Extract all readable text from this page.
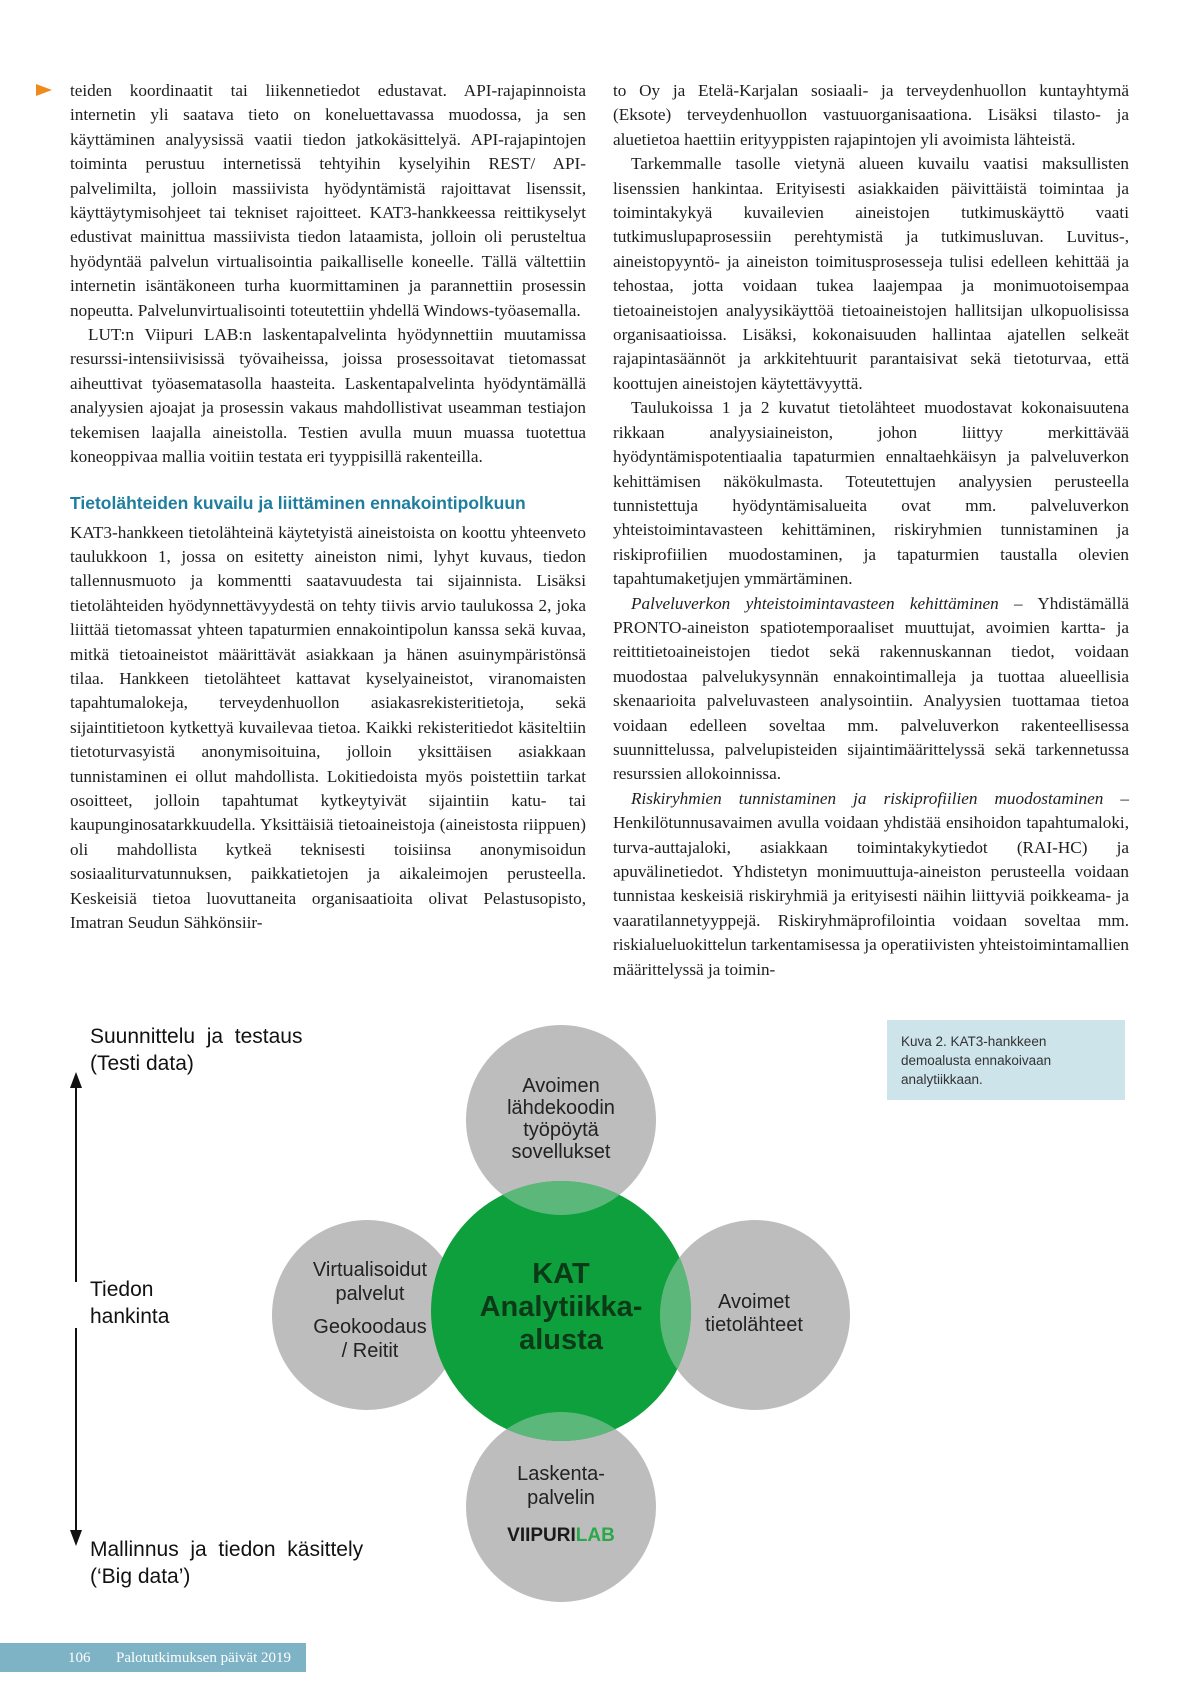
teiden koordinaatit tai liikennetiedot edustavat. API-rajapinnoista internetin yli saatava tieto on koneluettavassa muodossa, ja sen käyttäminen analyysissä vaatii tiedon jatkokäsittelyä. API-rajapintojen toiminta perustuu internetissä tehtyihin kyselyihin REST/ API-palvelimilta, jolloin massiivista hyödyntämistä rajoittavat lisenssit, käyttäytymisohjeet tai tekniset rajoitteet. KAT3-hankkeessa reittikyselyt edustivat mainittua massiivista tiedon lataamista, jolloin oli perusteltua hyödyntää palvelun virtualisointia paikalliselle koneelle. Tällä vältettiin internetin isäntäkoneen turha kuormittaminen ja parannettiin prosessin nopeutta. Palvelunvirtualisointi toteutettiin yhdellä Windows-työasemalla.

LUT:n Viipuri LAB:n laskentapalvelinta hyödynnettiin muutamissa resurssi-intensiivisissä työvaiheissa, joissa prosessoitavat tietomassat aiheuttivat työasematasolla haasteita. Laskentapalvelinta hyödyntämällä analyysien ajoajat ja prosessin vakaus mahdollistivat useamman testiajon tekemisen laajalla aineistolla. Testien avulla muun muassa tuotettua koneoppivaa mallia voitiin testata eri tyyppisillä rakenteilla.

Tietolähteiden kuvailu ja liittäminen ennakointipolkuun

KAT3-hankkeen tietolähteinä käytetyistä aineistoista on koottu yhteenveto taulukkoon 1, jossa on esitetty aineiston nimi, lyhyt kuvaus, tiedon tallennusmuoto ja kommentti saatavuudesta tai sijainnista. Lisäksi tietolähteiden hyödynnettävyydestä on tehty tiivis arvio taulukossa 2, joka liittää tietomassat yhteen tapaturmien ennakointipolun kanssa sekä kuvaa, mitkä tietoaineistot määrittävät asiakkaan ja hänen asuinympäristönsä tilaa. Hankkeen tietolähteet kattavat kyselyaineistot, viranomaisten tapahtumalokeja, terveydenhuollon asiakasrekisteritietoja, sekä sijaintitietoon kytkettyä kuvailevaa tietoa. Kaikki rekisteritiedot käsiteltiin tietoturvasyistä anonymisoituina, jolloin yksittäisen asiakkaan tunnistaminen ei ollut mahdollista. Lokitiedoista myös poistettiin tarkat osoitteet, jolloin tapahtumat kytkeytyivät sijaintiin katu- tai kaupunginosatarkkuudella. Yksittäisiä tietoaineistoja (aineistosta riippuen) oli mahdollista kytkeä teknisesti toisiinsa anonymisoidun sosiaaliturvatunnuksen, paikkatietojen ja aikaleimojen perusteella. Keskeisiä tietoa luovuttaneita organisaatioita olivat Pelastusopisto, Imatran Seudun Sähkönsiir-

to Oy ja Etelä-Karjalan sosiaali- ja terveydenhuollon kuntayhtymä (Eksote) terveydenhuollon vastuuorganisaationa. Lisäksi tilasto- ja aluetietoa haettiin erityyppisten rajapintojen yli avoimista lähteistä.

Tarkemmalle tasolle vietynä alueen kuvailu vaatisi maksullisten lisenssien hankintaa. Erityisesti asiakkaiden päivittäistä toimintaa ja toimintakykyä kuvailevien aineistojen tutkimuskäyttö vaati tutkimuslupaprosessiin perehtymistä ja tutkimusluvan. Luvitus-, aineistopyyntö- ja aineiston toimitusprosesseja tulisi edelleen kehittää ja tehostaa, jotta voidaan tukea laajempaa ja monimuotoisempaa tietoaineistojen analyysikäyttöä tietoaineistojen hallitsijan ulkopuolisissa organisaatioissa. Lisäksi, kokonaisuuden hallintaa ajatellen selkeät rajapintasäännöt ja arkkitehtuurit parantaisivat sekä tietoturvaa, että koottujen aineistojen käytettävyyttä.

Taulukoissa 1 ja 2 kuvatut tietolähteet muodostavat kokonaisuutena rikkaan analyysiaineiston, johon liittyy merkittävää hyödyntämispotentiaalia tapaturmien ennaltaehkäisyn ja palveluverkon kehittämisen näkökulmasta. Toteutettujen analyysien perusteella tunnistettuja hyödyntämisalueita ovat mm. palveluverkon yhteistoimintavasteen kehittäminen, riskiryhmien tunnistaminen ja riskiprofiilien muodostaminen, ja tapaturmien taustalla olevien tapahtumaketjujen ymmärtäminen.

Palveluverkon yhteistoimintavasteen kehittäminen – Yhdistämällä PRONTO-aineiston spatiotemporaaliset muuttujat, avoimien kartta- ja reittitietoaineistojen tiedot sekä rakennuskannan tiedot, voidaan muodostaa palvelukysynnän ennakointimalleja ja tuottaa alueellisia skenaarioita palveluvasteen analysointiin. Analyysien tuottamaa tietoa voidaan edelleen soveltaa mm. palveluverkon rakenteellisessa suunnittelussa, palvelupisteiden sijaintimäärittelyssä sekä tarkennetussa resurssien allokoinnissa.

Riskiryhmien tunnistaminen ja riskiprofiilien muodostaminen – Henkilötunnusavaimen avulla voidaan yhdistää ensihoidon tapahtumaloki, turva-auttajaloki, asiakkaan toimintakykytiedot (RAI-HC) ja apuvälinetiedot. Yhdistetyn monimuuttuja-aineiston perusteella voidaan tunnistaa keskeisiä riskiryhmiä ja erityisesti näihin liittyviä poikkeama- ja vaaratilannetyyppejä. Riskiryhmäprofilointia voidaan soveltaa mm. riskialueluokittelun tarkentamisessa ja operatiivisten yhteistoimintamallien määrittelyssä ja toimin-

KAT
Analytiikka-
alusta
Avoimen
lähdekoodin
työpöytä
sovellukset
Virtualisoidut
palvelut
Geokoodaus
/ Reitit
Avoimet
tietolähteet
Laskenta-
palvelin
VIIPURILAB
Suunnittelu  ja  testaus
(Testi data)
Tiedon
hankinta
Mallinnus  ja  tiedon  käsittely
(‘Big data’)
Kuva 2. KAT3-hankkeen demoalusta ennakoivaan analytiikkaan.
106 Palotutkimuksen päivät 2019
